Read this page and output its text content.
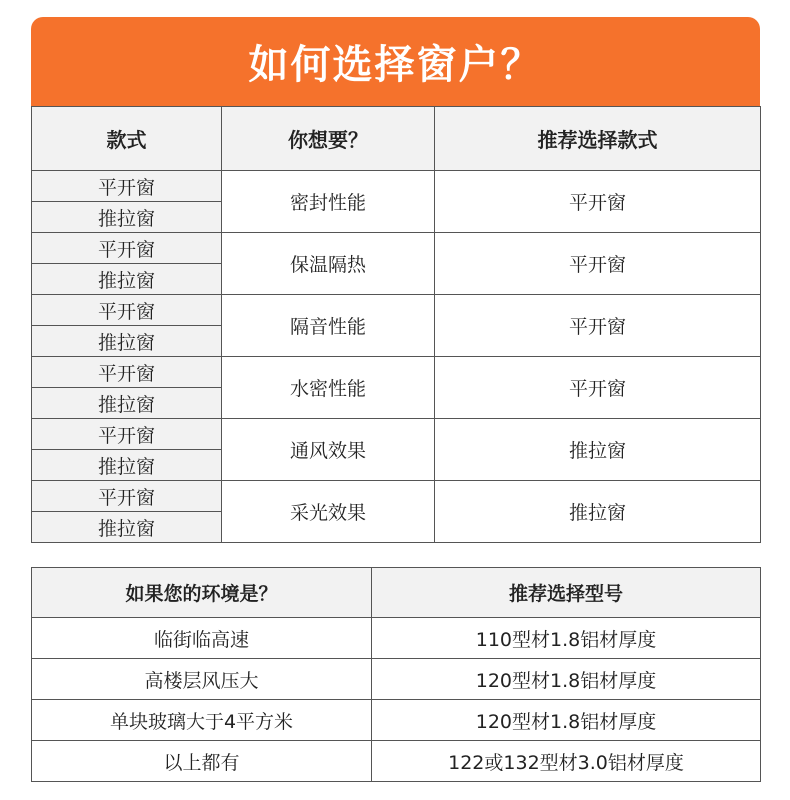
如何选择窗户？
款式	你想要？	推荐选择款式
平开窗	密封性能	平开窗
推拉窗		
平开窗	保温隔热	平开窗
推拉窗		
平开窗	隔音性能	平开窗
推拉窗		
平开窗	水密性能	平开窗
推拉窗		
平开窗	通风效果	推拉窗
推拉窗		
平开窗	采光效果	推拉窗
推拉窗		
如果您的环境是？	推荐选择型号
临街临高速	110型材1.8铝材厚度
高楼层风压大	120型材1.8铝材厚度
单块玻璃大于4平方米	120型材1.8铝材厚度
以上都有	122或132型材3.0铝材厚度
